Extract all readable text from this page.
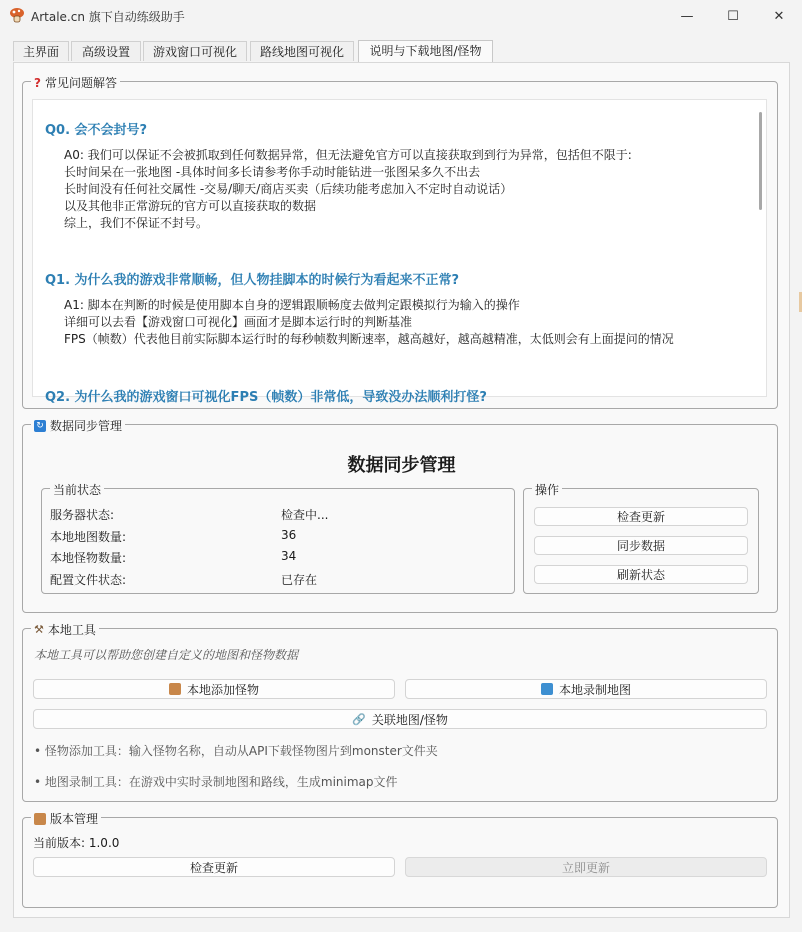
Artale.cn 旗下自动练级助手	—	☐	✕
主界面	高级设置	游戏窗口可视化	路线地图可视化	说明与下载地图/怪物
? 常见问题解答
Q0. 会不会封号?
A0: 我们可以保证不会被抓取到任何数据异常，但无法避免官方可以直接获取到到行为异常，包括但不限于:
长时间呆在一张地图 -具体时间多长请参考你手动时能钻进一张图呆多久不出去
长时间没有任何社交属性 -交易/聊天/商店买卖（后续功能考虑加入不定时自动说话）
以及其他非正常游玩的官方可以直接获取的数据
综上，我们不保证不封号。
Q1. 为什么我的游戏非常顺畅，但人物挂脚本的时候行为看起来不正常?
A1: 脚本在判断的时候是使用脚本自身的逻辑跟顺畅度去做判定跟模拟行为输入的操作
详细可以去看【游戏窗口可视化】画面才是脚本运行时的判断基准
FPS（帧数）代表他目前实际脚本运行时的每秒帧数判断速率，越高越好，越高越精准，太低则会有上面提问的情况
Q2. 为什么我的游戏窗口可视化FPS（帧数）非常低，导致没办法顺利打怪?
↻ 数据同步管理
数据同步管理
当前状态
服务器状态:	检查中...
本地地图数量:	36
本地怪物数量:	34
配置文件状态:	已存在
操作
检查更新
同步数据
刷新状态
⚒ 本地工具
本地工具可以帮助您创建自定义的地图和怪物数据
本地添加怪物	本地录制地图
🔗 关联地图/怪物
• 怪物添加工具：输入怪物名称，自动从API下载怪物图片到monster文件夹
• 地图录制工具：在游戏中实时录制地图和路线，生成minimap文件
版本管理
当前版本: 1.0.0
检查更新	立即更新
